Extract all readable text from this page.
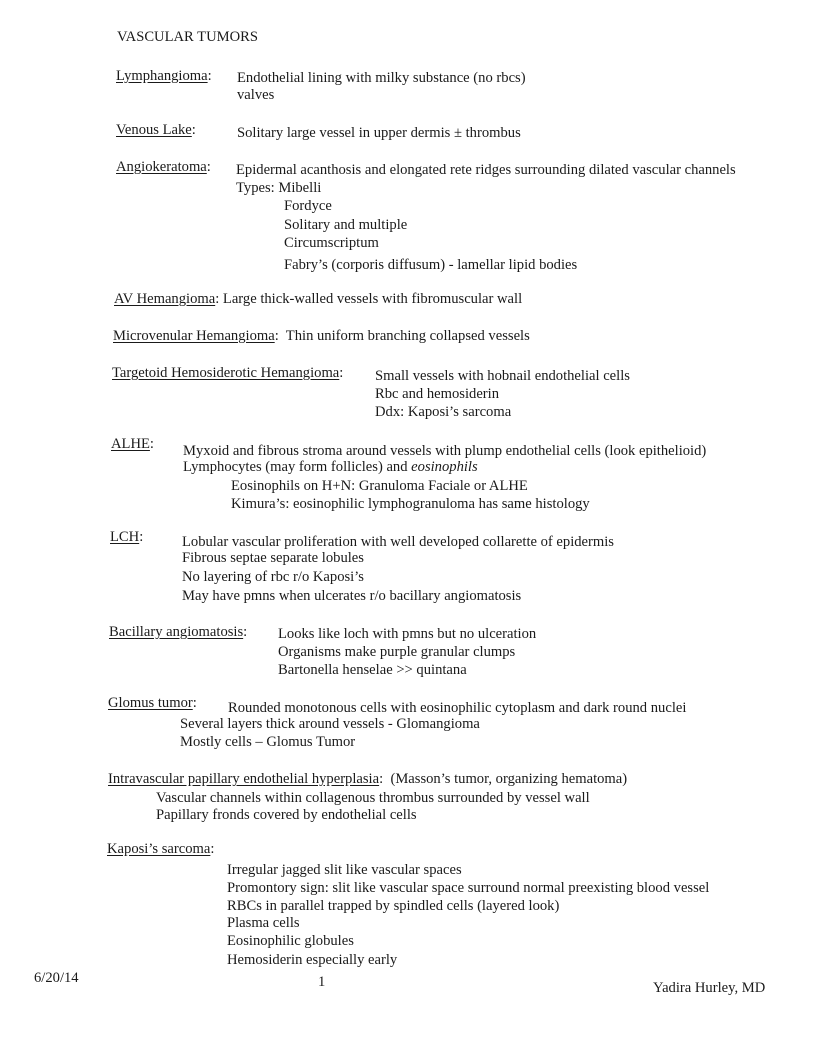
VASCULAR TUMORS
Lymphangioma: Endothelial lining with milky substance (no rbcs)
valves
Venous Lake:	Solitary large vessel in upper dermis ± thrombus
Angiokeratoma: Epidermal acanthosis and elongated rete ridges surrounding dilated vascular channels
Types: Mibelli
Fordyce
Solitary and multiple
Circumscriptum
Fabry’s (corporis diffusum) - lamellar lipid bodies
AV Hemangioma: Large thick-walled vessels with fibromuscular wall
Microvenular Hemangioma:  Thin uniform branching collapsed vessels
Targetoid Hemosiderotic Hemangioma: Small vessels with hobnail endothelial cells
Rbc and hemosiderin
Ddx: Kaposi’s sarcoma
ALHE: Myxoid and fibrous stroma around vessels with plump endothelial cells (look epithelioid)
Lymphocytes (may form follicles) and eosinophils
Eosinophils on H+N: Granuloma Faciale or ALHE
Kimura’s: eosinophilic lymphogranuloma has same histology
LCH:	Lobular vascular proliferation with well developed collarette of epidermis
Fibrous septae separate lobules
No layering of rbc r/o Kaposi’s
May have pmns when ulcerates r/o bacillary angiomatosis
Bacillary angiomatosis: Looks like loch with pmns but no ulceration
Organisms make purple granular clumps
Bartonella henselae >> quintana
Glomus tumor: Rounded monotonous cells with eosinophilic cytoplasm and dark round nuclei
Several layers thick around vessels - Glomangioma
Mostly cells – Glomus Tumor
Intravascular papillary endothelial hyperplasia:  (Masson’s tumor, organizing hematoma)
Vascular channels within collagenous thrombus surrounded by vessel wall
Papillary fronds covered by endothelial cells
Kaposi’s sarcoma:
Irregular jagged slit like vascular spaces
Promontory sign: slit like vascular space surround normal preexisting blood vessel
RBCs in parallel trapped by spindled cells (layered look)
Plasma cells
Eosinophilic globules
Hemosiderin especially early
6/20/14	1	Yadira Hurley, MD
